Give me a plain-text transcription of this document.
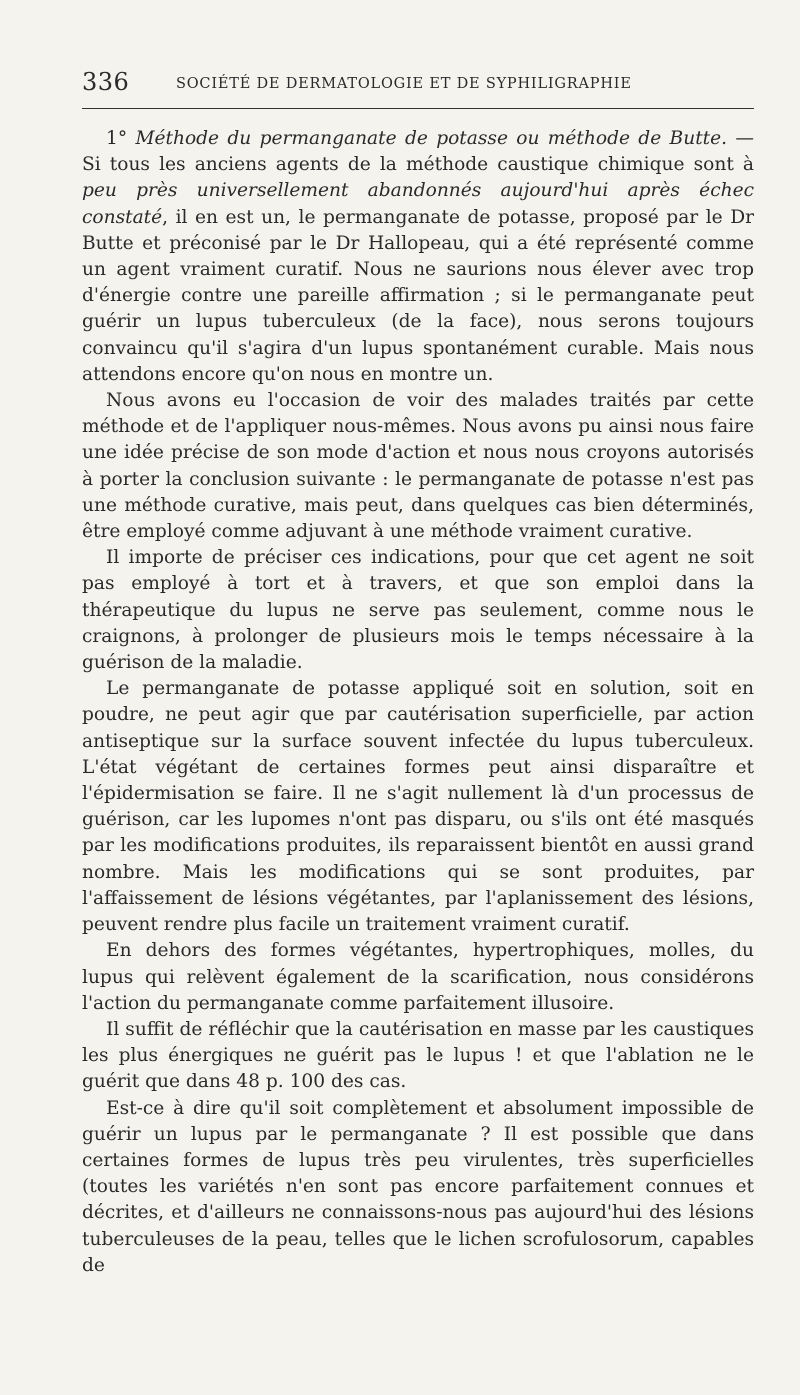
336	SOCIÉTÉ DE DERMATOLOGIE ET DE SYPHILIGRAPHIE

1° Méthode du permanganate de potasse ou méthode de Butte. — Si tous les anciens agents de la méthode caustique chimique sont à peu près universellement abandonnés aujourd'hui après échec constaté, il en est un, le permanganate de potasse, proposé par le Dr Butte et préconisé par le Dr Hallopeau, qui a été représenté comme un agent vraiment curatif. Nous ne saurions nous élever avec trop d'énergie contre une pareille affirmation ; si le permanganate peut guérir un lupus tuberculeux (de la face), nous serons toujours convaincu qu'il s'agira d'un lupus spontanément curable. Mais nous attendons encore qu'on nous en montre un.

Nous avons eu l'occasion de voir des malades traités par cette méthode et de l'appliquer nous-mêmes. Nous avons pu ainsi nous faire une idée précise de son mode d'action et nous nous croyons autorisés à porter la conclusion suivante : le permanganate de potasse n'est pas une méthode curative, mais peut, dans quelques cas bien déterminés, être employé comme adjuvant à une méthode vraiment curative.

Il importe de préciser ces indications, pour que cet agent ne soit pas employé à tort et à travers, et que son emploi dans la thérapeutique du lupus ne serve pas seulement, comme nous le craignons, à prolonger de plusieurs mois le temps nécessaire à la guérison de la maladie.

Le permanganate de potasse appliqué soit en solution, soit en poudre, ne peut agir que par cautérisation superficielle, par action antiseptique sur la surface souvent infectée du lupus tuberculeux. L'état végétant de certaines formes peut ainsi disparaître et l'épidermisation se faire. Il ne s'agit nullement là d'un processus de guérison, car les lupomes n'ont pas disparu, ou s'ils ont été masqués par les modifications produites, ils reparaissent bientôt en aussi grand nombre. Mais les modifications qui se sont produites, par l'affaissement de lésions végétantes, par l'aplanissement des lésions, peuvent rendre plus facile un traitement vraiment curatif.

En dehors des formes végétantes, hypertrophiques, molles, du lupus qui relèvent également de la scarification, nous considérons l'action du permanganate comme parfaitement illusoire.

Il suffit de réfléchir que la cautérisation en masse par les caustiques les plus énergiques ne guérit pas le lupus ! et que l'ablation ne le guérit que dans 48 p. 100 des cas.

Est-ce à dire qu'il soit complètement et absolument impossible de guérir un lupus par le permanganate ? Il est possible que dans certaines formes de lupus très peu virulentes, très superficielles (toutes les variétés n'en sont pas encore parfaitement connues et décrites, et d'ailleurs ne connaissons-nous pas aujourd'hui des lésions tuberculeuses de la peau, telles que le lichen scrofulosorum, capables de
